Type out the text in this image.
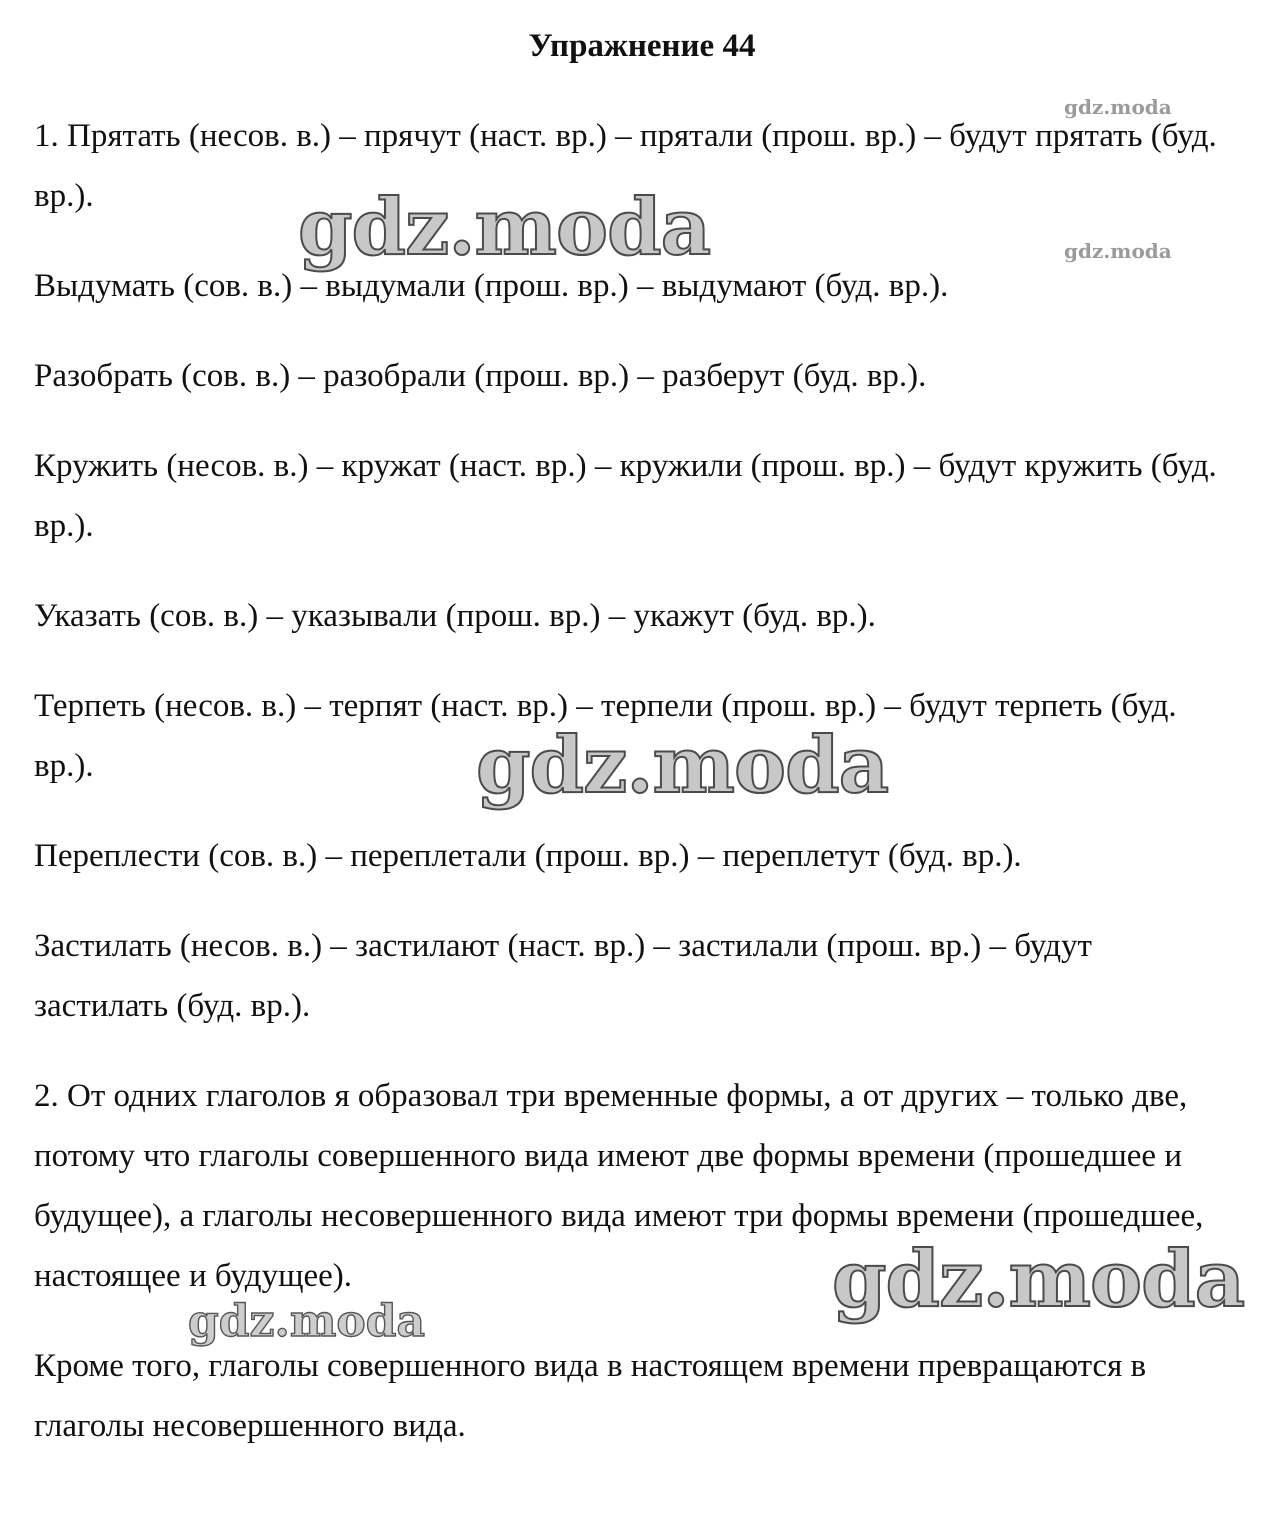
Упражнение 44

1. Прятать (несов. в.) – прячут (наст. вр.) – прятали (прош. вр.) – будут прятать (буд. вр.).

Выдумать (сов. в.) – выдумали (прош. вр.) – выдумают (буд. вр.).

Разобрать (сов. в.) – разобрали (прош. вр.) – разберут (буд. вр.).

Кружить (несов. в.) – кружат (наст. вр.) – кружили (прош. вр.) – будут кружить (буд. вр.).

Указать (сов. в.) – указывали (прош. вр.) – укажут (буд. вр.).

Терпеть (несов. в.) – терпят (наст. вр.) – терпели (прош. вр.) – будут терпеть (буд. вр.).

Переплести (сов. в.) – переплетали (прош. вр.) – переплетут (буд. вр.).

Застилать (несов. в.) – застилают (наст. вр.) – застилали (прош. вр.) – будут застилать (буд. вр.).

2. От одних глаголов я образовал три временные формы, а от других – только две, потому что глаголы совершенного вида имеют две формы времени (прошедшее и будущее), а глаголы несовершенного вида имеют три формы времени (прошедшее, настоящее и будущее).

Кроме того, глаголы совершенного вида в настоящем времени превращаются в глаголы несовершенного вида.

gdz.moda
gdz.moda
gdz.moda
gdz.moda
gdz.moda
gdz.moda
